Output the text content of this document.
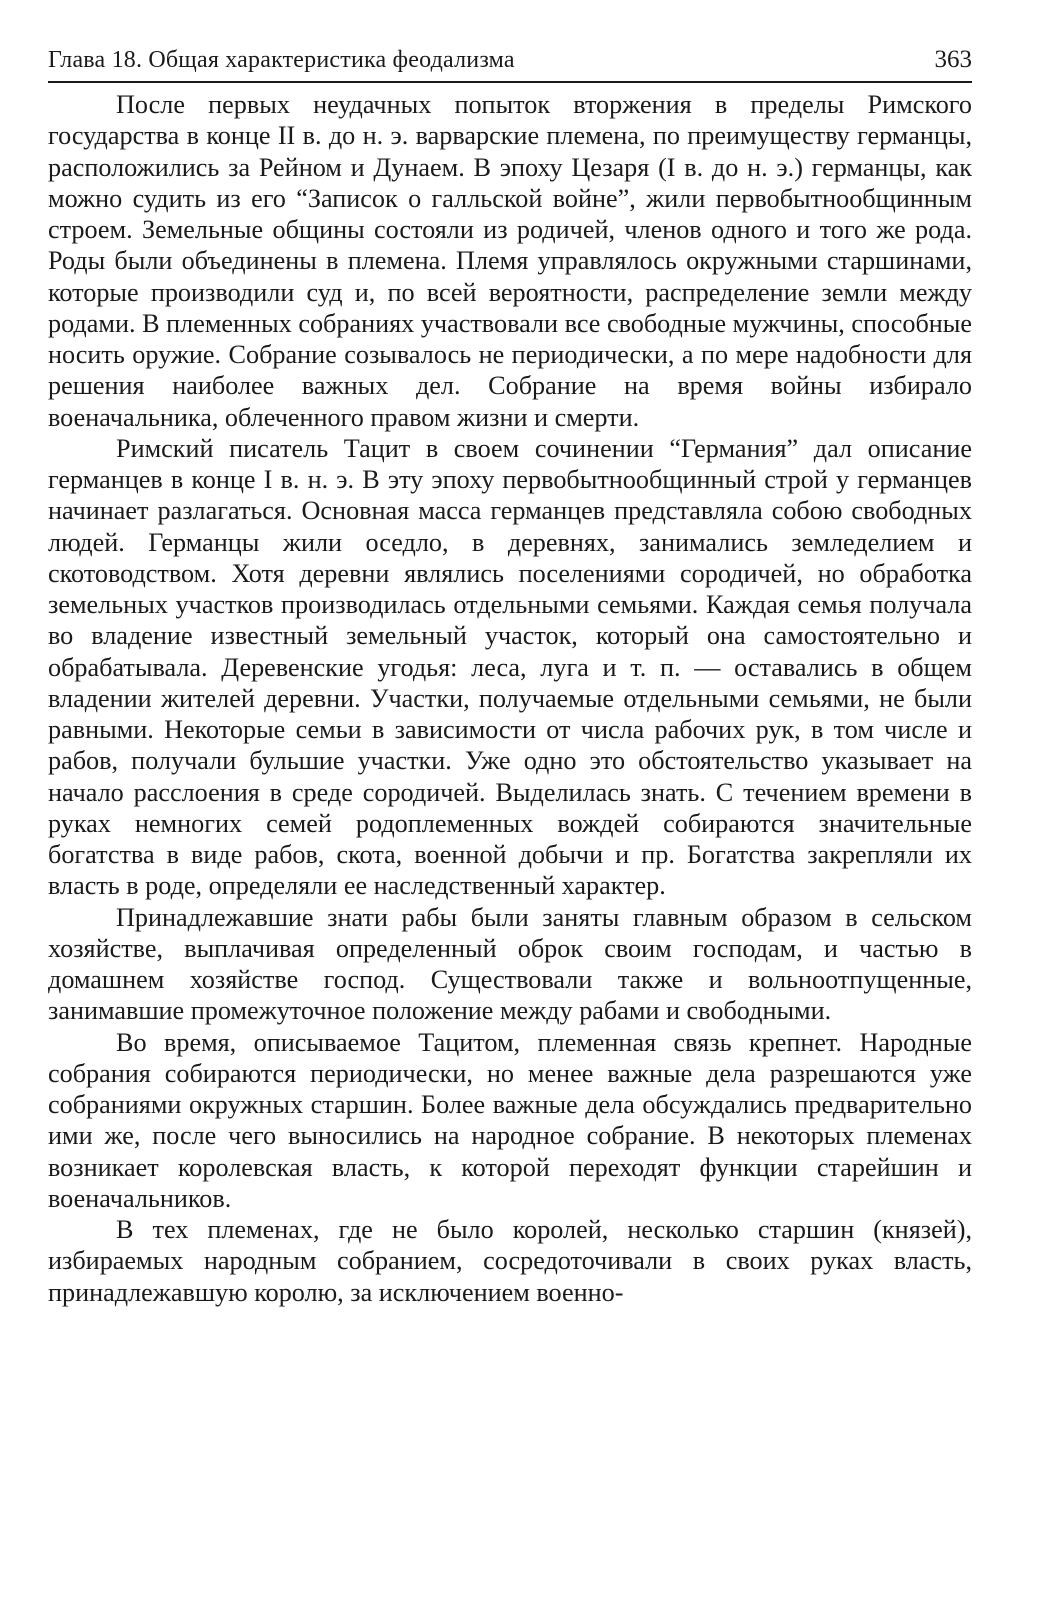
Глава 18. Общая характеристика феодализма	363

После первых неудачных попыток вторжения в пределы Римского государства в конце II в. до н. э. варварские племена, по преимуществу германцы, расположились за Рейном и Дунаем. В эпоху Цезаря (I в. до н. э.) германцы, как можно судить из его “Записок о галльской войне”, жили первобытнообщинным строем. Земельные общины состояли из родичей, членов одного и того же рода. Роды были объединены в племена. Племя управлялось окружными старшинами, которые производили суд и, по всей вероятности, распределение земли между родами. В племенных собраниях участвовали все свободные мужчины, способные носить оружие. Собрание созывалось не периодически, а по мере надобности для решения наиболее важных дел. Собрание на время войны избирало военачальника, облеченного правом жизни и смерти.

Римский писатель Тацит в своем сочинении “Германия” дал описание германцев в конце I в. н. э. В эту эпоху первобытнообщинный строй у германцев начинает разлагаться. Основная масса германцев представляла собою свободных людей. Германцы жили оседло, в деревнях, занимались земледелием и скотоводством. Хотя деревни являлись поселениями сородичей, но обработка земельных участков производилась отдельными семьями. Каждая семья получала во владение известный земельный участок, который она самостоятельно и обрабатывала. Деревенские угодья: леса, луга и т. п. — оставались в общем владении жителей деревни. Участки, получаемые отдельными семьями, не были равными. Некоторые семьи в зависимости от числа рабочих рук, в том числе и рабов, получали бульшие участки. Уже одно это обстоятельство указывает на начало расслоения в среде сородичей. Выделилась знать. С течением времени в руках немногих семей родоплеменных вождей собираются значительные богатства в виде рабов, скота, военной добычи и пр. Богатства закрепляли их власть в роде, определяли ее наследственный характер.

Принадлежавшие знати рабы были заняты главным образом в сельском хозяйстве, выплачивая определенный оброк своим господам, и частью в домашнем хозяйстве господ. Существовали также и вольноотпущенные, занимавшие промежуточное положение между рабами и свободными.

Во время, описываемое Тацитом, племенная связь крепнет. Народные собрания собираются периодически, но менее важные дела разрешаются уже собраниями окружных старшин. Более важные дела обсуждались предварительно ими же, после чего выносились на народное собрание. В некоторых племенах возникает королевская власть, к которой переходят функции старейшин и военачальников.

В тех племенах, где не было королей, несколько старшин (князей), избираемых народным собранием, сосредоточивали в своих руках власть, принадлежавшую королю, за исключением военно-
